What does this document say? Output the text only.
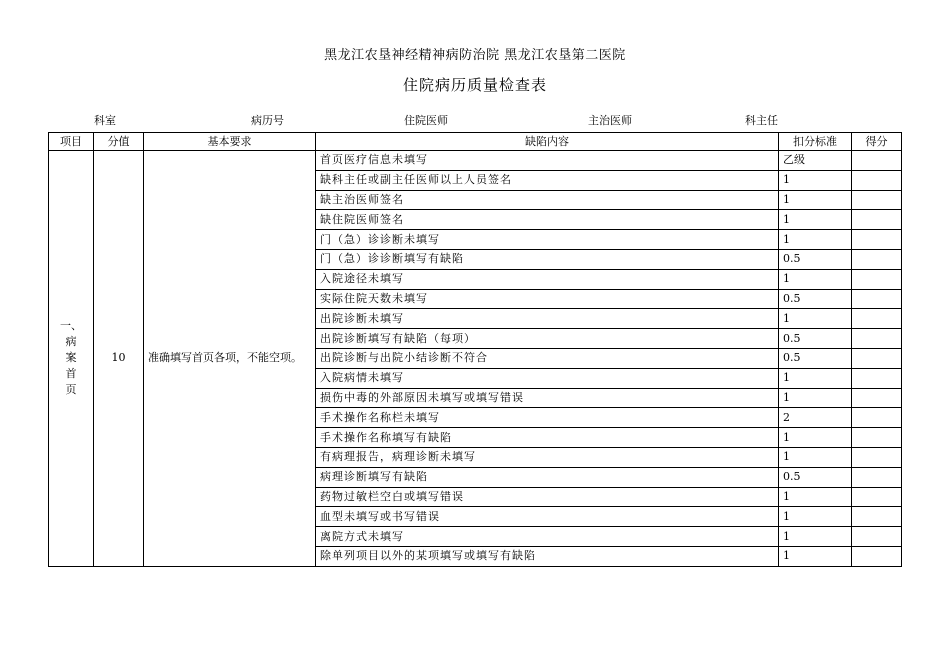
黑龙江农垦神经精神病防治院 黑龙江农垦第二医院
住院病历质量检查表
科室	病历号	住院医师	主治医师	科主任
项目	分值	基本要求	缺陷内容	扣分标准	得分

一、
病
案
首
页	10	准确填写首页各项，不能空项。	首页医疗信息未填写	乙级	
			缺科主任或副主任医师以上人员签名	1	
			缺主治医师签名	1	
			缺住院医师签名	1	
			门（急）诊诊断未填写	1	
			门（急）诊诊断填写有缺陷	0.5	
			入院途径未填写	1	
			实际住院天数未填写	0.5	
			出院诊断未填写	1	
			出院诊断填写有缺陷（每项）	0.5	
			出院诊断与出院小结诊断不符合	0.5	
			入院病情未填写	1	
			损伤中毒的外部原因未填写或填写错误	1	
			手术操作名称栏未填写	2	
			手术操作名称填写有缺陷	1	
			有病理报告，病理诊断未填写	1	
			病理诊断填写有缺陷	0.5	
			药物过敏栏空白或填写错误	1	
			血型未填写或书写错误	1	
			离院方式未填写	1	
			除单列项目以外的某项填写或填写有缺陷	1	
